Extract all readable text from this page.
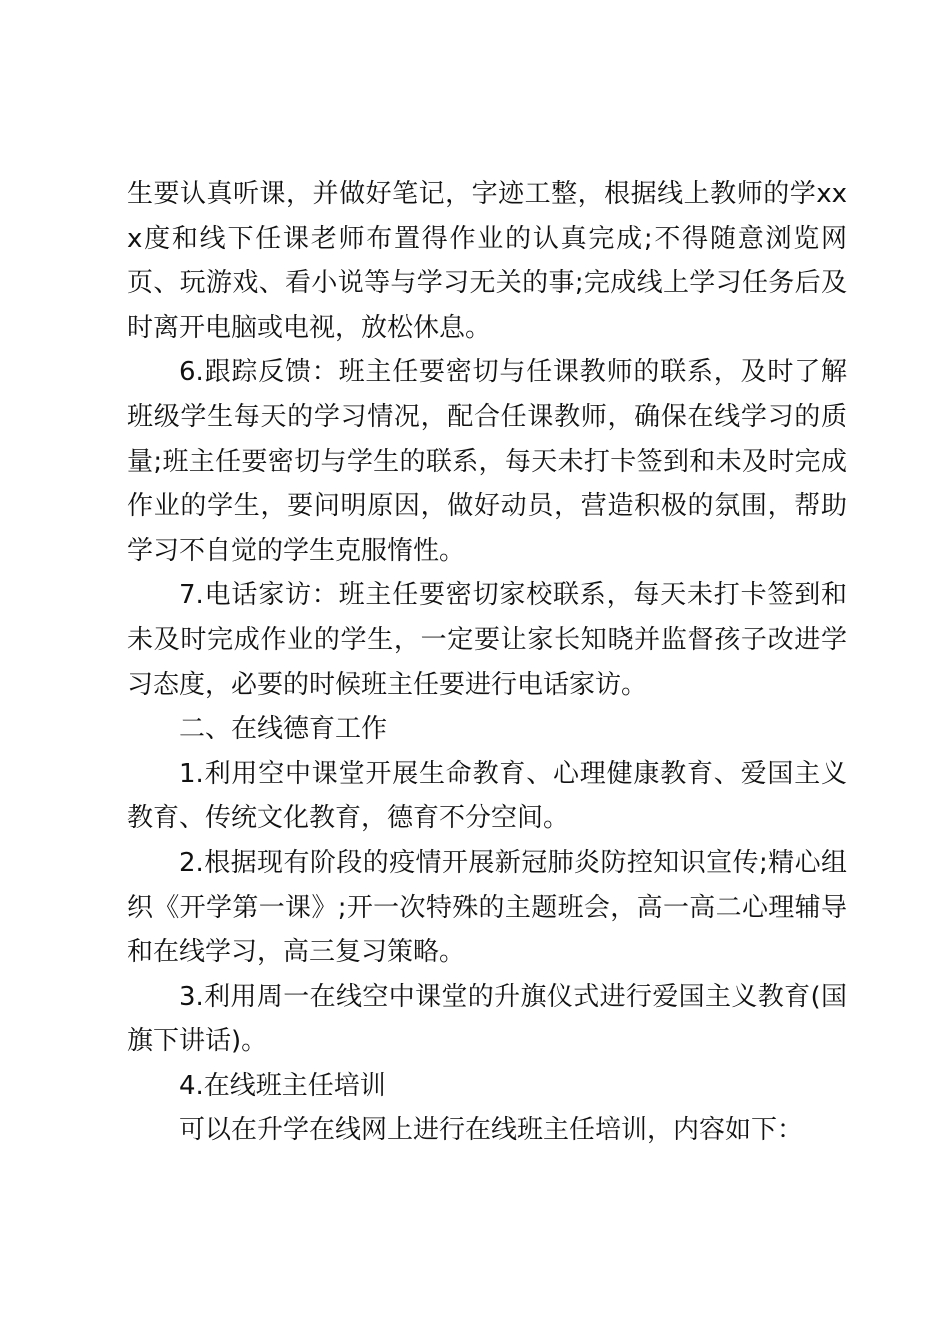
生要认真听课，并做好笔记，字迹工整，根据线上教师的学xxx度和线下任课老师布置得作业的认真完成;不得随意浏览网页、玩游戏、看小说等与学习无关的事;完成线上学习任务后及时离开电脑或电视，放松休息。

6.跟踪反馈：班主任要密切与任课教师的联系，及时了解班级学生每天的学习情况，配合任课教师，确保在线学习的质量;班主任要密切与学生的联系，每天未打卡签到和未及时完成作业的学生，要问明原因，做好动员，营造积极的氛围，帮助学习不自觉的学生克服惰性。

7.电话家访：班主任要密切家校联系，每天未打卡签到和未及时完成作业的学生，一定要让家长知晓并监督孩子改进学习态度，必要的时候班主任要进行电话家访。

二、在线德育工作

1.利用空中课堂开展生命教育、心理健康教育、爱国主义教育、传统文化教育，德育不分空间。

2.根据现有阶段的疫情开展新冠肺炎防控知识宣传;精心组织《开学第一课》;开一次特殊的主题班会，高一高二心理辅导和在线学习，高三复习策略。

3.利用周一在线空中课堂的升旗仪式进行爱国主义教育(国旗下讲话)。

4.在线班主任培训

可以在升学在线网上进行在线班主任培训，内容如下：
